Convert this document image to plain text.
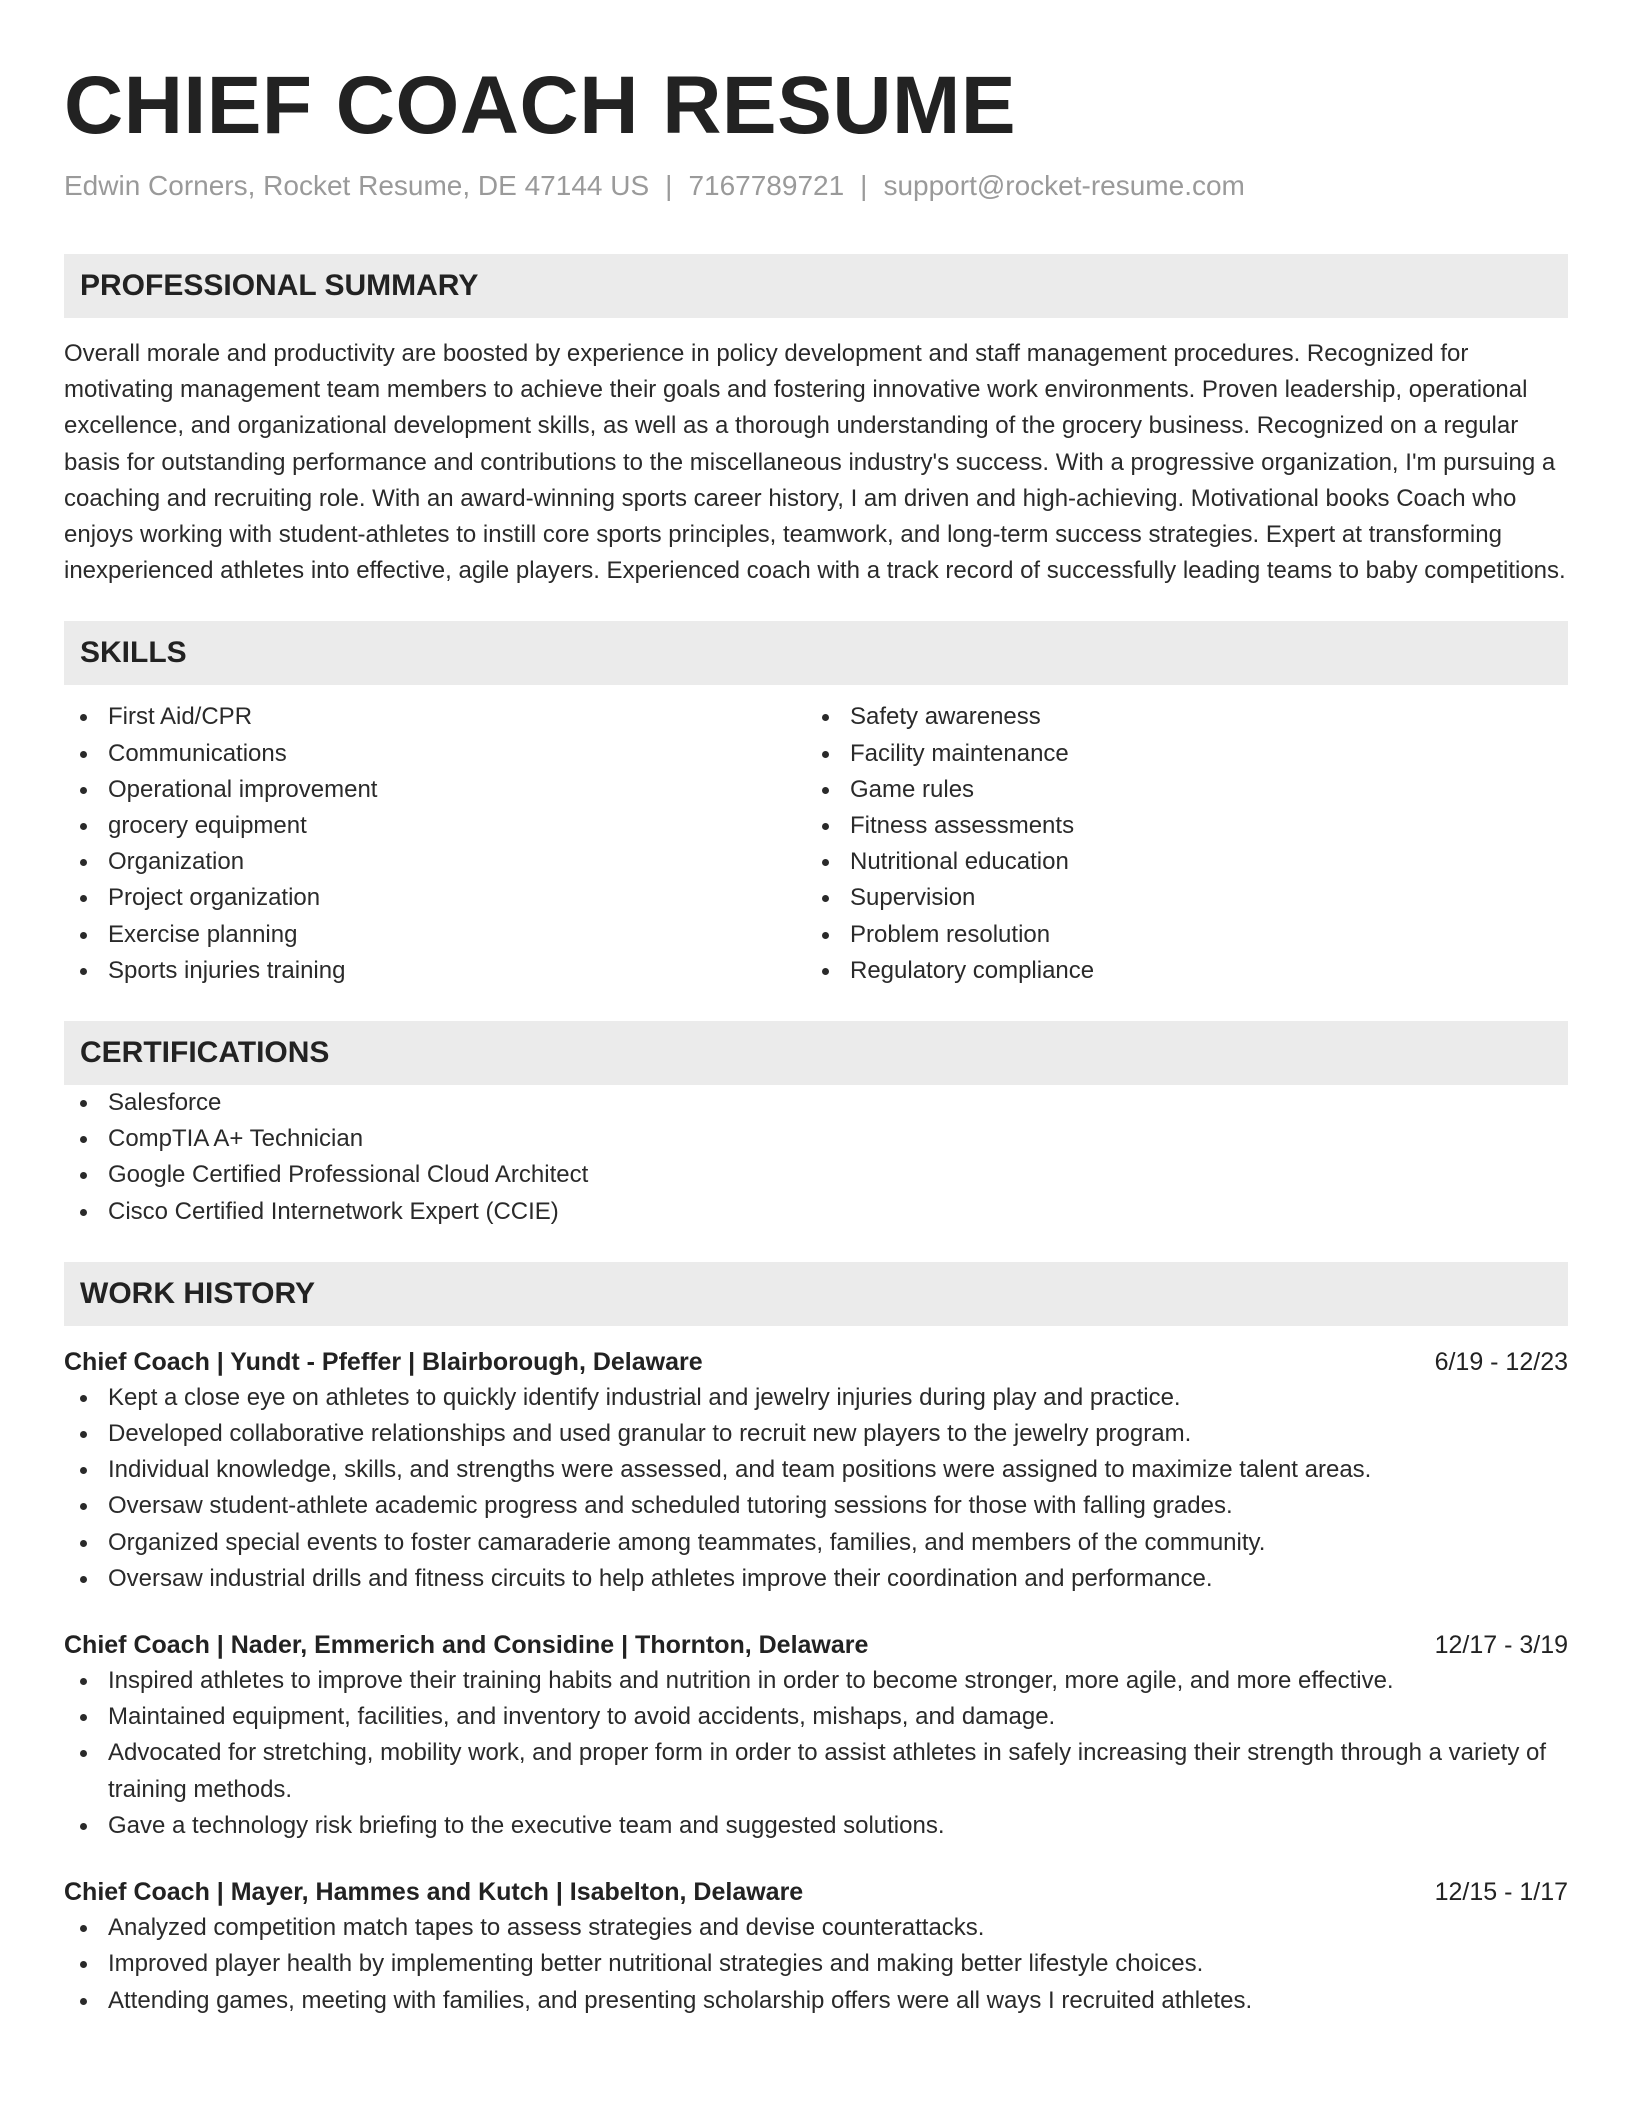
CHIEF COACH RESUME
Edwin Corners, Rocket Resume, DE 47144 US | 7167789721 | support@rocket-resume.com
PROFESSIONAL SUMMARY
Overall morale and productivity are boosted by experience in policy development and staff management procedures. Recognized for motivating management team members to achieve their goals and fostering innovative work environments. Proven leadership, operational excellence, and organizational development skills, as well as a thorough understanding of the grocery business. Recognized on a regular basis for outstanding performance and contributions to the miscellaneous industry's success. With a progressive organization, I'm pursuing a coaching and recruiting role. With an award-winning sports career history, I am driven and high-achieving. Motivational books Coach who enjoys working with student-athletes to instill core sports principles, teamwork, and long-term success strategies. Expert at transforming inexperienced athletes into effective, agile players. Experienced coach with a track record of successfully leading teams to baby competitions.
SKILLS
First Aid/CPR
Communications
Operational improvement
grocery equipment
Organization
Project organization
Exercise planning
Sports injuries training
Safety awareness
Facility maintenance
Game rules
Fitness assessments
Nutritional education
Supervision
Problem resolution
Regulatory compliance
CERTIFICATIONS
Salesforce
CompTIA A+ Technician
Google Certified Professional Cloud Architect
Cisco Certified Internetwork Expert (CCIE)
WORK HISTORY
Chief Coach | Yundt - Pfeffer | Blairborough, Delaware	6/19 - 12/23
Kept a close eye on athletes to quickly identify industrial and jewelry injuries during play and practice.
Developed collaborative relationships and used granular to recruit new players to the jewelry program.
Individual knowledge, skills, and strengths were assessed, and team positions were assigned to maximize talent areas.
Oversaw student-athlete academic progress and scheduled tutoring sessions for those with falling grades.
Organized special events to foster camaraderie among teammates, families, and members of the community.
Oversaw industrial drills and fitness circuits to help athletes improve their coordination and performance.
Chief Coach | Nader, Emmerich and Considine | Thornton, Delaware	12/17 - 3/19
Inspired athletes to improve their training habits and nutrition in order to become stronger, more agile, and more effective.
Maintained equipment, facilities, and inventory to avoid accidents, mishaps, and damage.
Advocated for stretching, mobility work, and proper form in order to assist athletes in safely increasing their strength through a variety of training methods.
Gave a technology risk briefing to the executive team and suggested solutions.
Chief Coach | Mayer, Hammes and Kutch | Isabelton, Delaware	12/15 - 1/17
Analyzed competition match tapes to assess strategies and devise counterattacks.
Improved player health by implementing better nutritional strategies and making better lifestyle choices.
Attending games, meeting with families, and presenting scholarship offers were all ways I recruited athletes.
